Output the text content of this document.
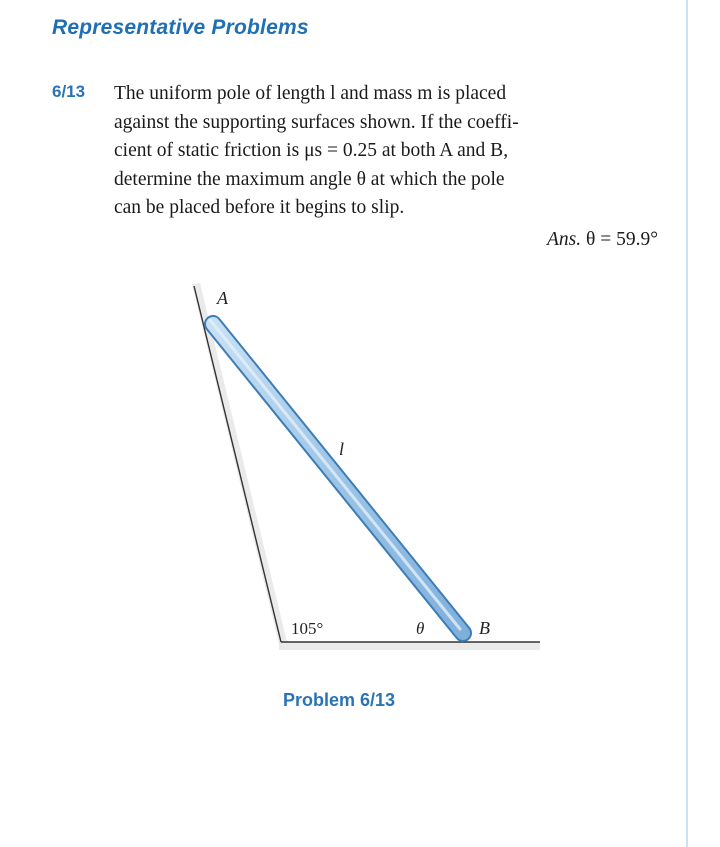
Representative Problems
6/13 The uniform pole of length l and mass m is placed
against the supporting surfaces shown. If the coeffi-
cient of static friction is μs = 0.25 at both A and B,
determine the maximum angle θ at which the pole
can be placed before it begins to slip.
Ans. θ = 59.9°
A
B
l
105°	θ
Problem 6/13
